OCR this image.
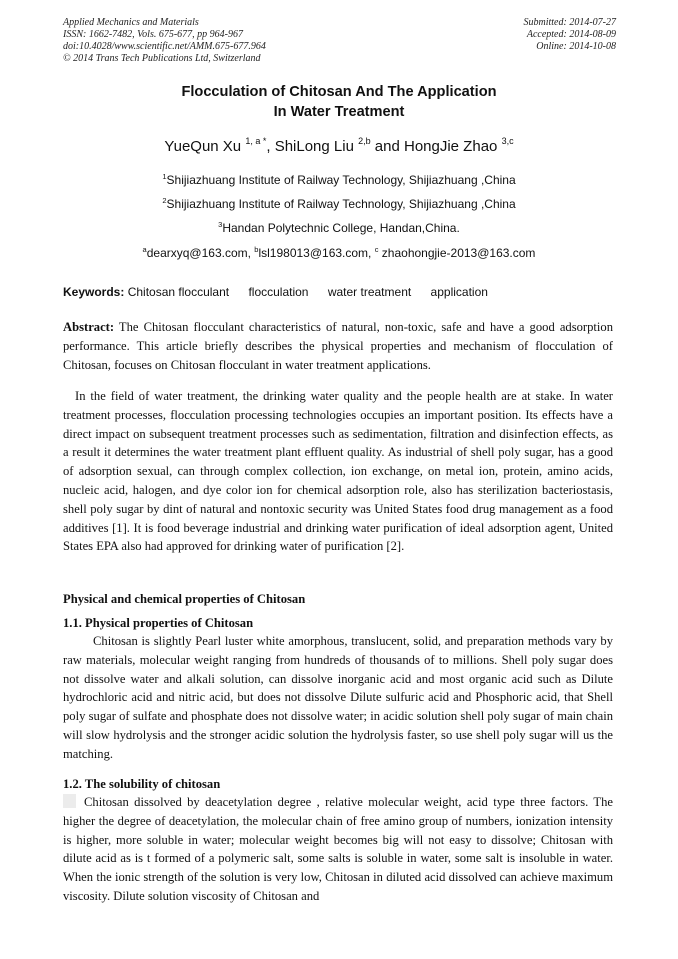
Applied Mechanics and Materials
ISSN: 1662-7482, Vols. 675-677, pp 964-967
doi:10.4028/www.scientific.net/AMM.675-677.964
© 2014 Trans Tech Publications Ltd, Switzerland
Submitted: 2014-07-27
Accepted: 2014-08-09
Online: 2014-10-08
Flocculation of Chitosan And The Application
In Water Treatment
YueQun Xu $^{1, a *}$, ShiLong Liu $^{2,b}$ and HongJie Zhao $^{3,c}$
$^1$Shijiazhuang Institute of Railway Technology, Shijiazhuang ,China
$^2$Shijiazhuang Institute of Railway Technology, Shijiazhuang ,China
$^3$Handan Polytechnic College, Handan,China.
$^a$dearxyq@163.com, $^b$lsl198013@163.com, $^c$ zhaohongjie-2013@163.com
Keywords: Chitosan flocculant flocculation water treatment application
Abstract: The Chitosan flocculant characteristics of natural, non-toxic, safe and have a good adsorption performance. This article briefly describes the physical properties and mechanism of flocculation of Chitosan, focuses on Chitosan flocculant in water treatment applications.
In the field of water treatment, the drinking water quality and the people health are at stake. In water treatment processes, flocculation processing technologies occupies an important position. Its effects have a direct impact on subsequent treatment processes such as sedimentation, filtration and disinfection effects, as a result it determines the water treatment plant effluent quality. As industrial of shell poly sugar, has a good of adsorption sexual, can through complex collection, ion exchange, on metal ion, protein, amino acids, nucleic acid, halogen, and dye color ion for chemical adsorption role, also has sterilization bacteriostasis, shell poly sugar by dint of natural and nontoxic security was United States food drug management as a food additives [1]. It is food beverage industrial and drinking water purification of ideal adsorption agent, United States EPA also had approved for drinking water of purification [2].
Physical and chemical properties of Chitosan
1.1. Physical properties of Chitosan
Chitosan is slightly Pearl luster white amorphous, translucent, solid, and preparation methods vary by raw materials, molecular weight ranging from hundreds of thousands of to millions. Shell poly sugar does not dissolve water and alkali solution, can dissolve inorganic acid and most organic acid such as Dilute hydrochloric acid and nitric acid, but does not dissolve Dilute sulfuric acid and Phosphoric acid, that Shell poly sugar of sulfate and phosphate does not dissolve water; in acidic solution shell poly sugar of main chain will slow hydrolysis and the stronger acidic solution the hydrolysis faster, so use shell poly sugar will us the matching.
1.2. The solubility of chitosan
Chitosan dissolved by deacetylation degree , relative molecular weight, acid type three factors. The higher the degree of deacetylation, the molecular chain of free amino group of numbers, ionization intensity is higher, more soluble in water; molecular weight becomes big will not easy to dissolve; Chitosan with dilute acid as is t formed of a polymeric salt, some salts is soluble in water, some salt is insoluble in water. When the ionic strength of the solution is very low, Chitosan in diluted acid dissolved can achieve maximum viscosity. Dilute solution viscosity of Chitosan and
